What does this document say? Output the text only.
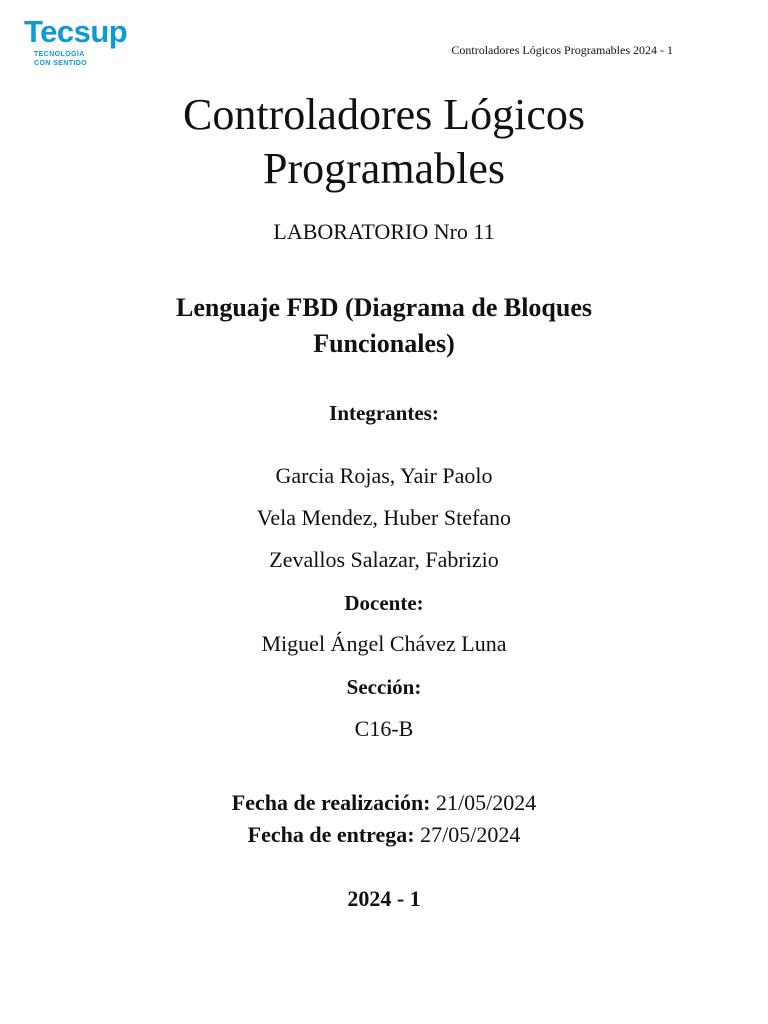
Tecsup
TECNOLOGÍA
CON SENTIDO
Controladores Lógicos Programables 2024 - 1
Controladores Lógicos
Programables

LABORATORIO Nro 11

Lenguaje FBD (Diagrama de Bloques
Funcionales)

Integrantes:

Garcia Rojas, Yair Paolo

Vela Mendez, Huber Stefano

Zevallos Salazar, Fabrizio

Docente:

Miguel Ángel Chávez Luna

Sección:

C16-B

Fecha de realización: 21/05/2024

Fecha de entrega: 27/05/2024

2024 - 1
